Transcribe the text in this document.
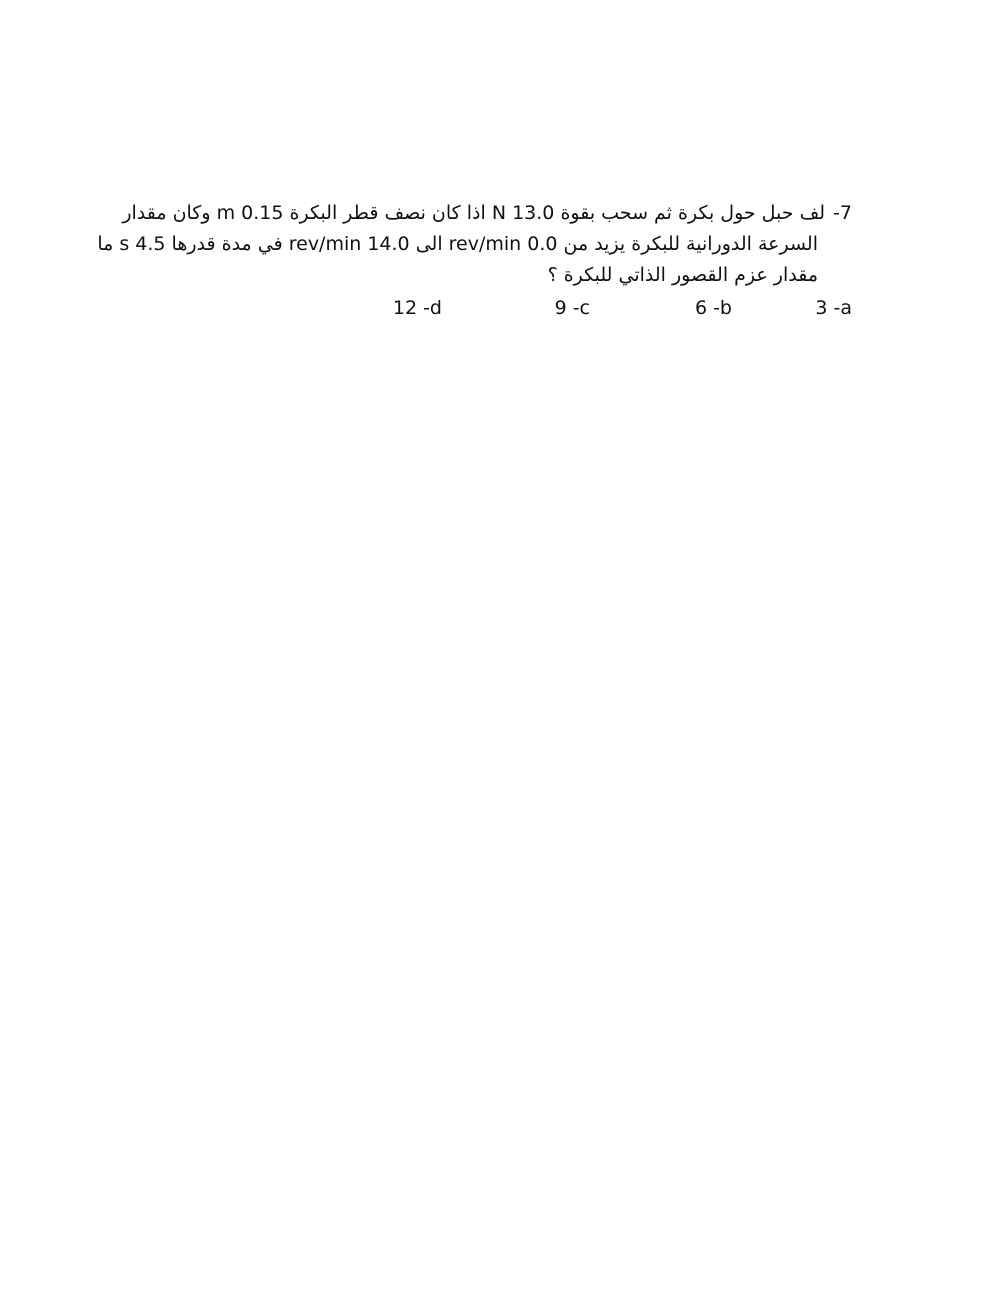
-7
لف حبل حول بكرة ثم سحب بقوة 13.0 N اذا كان نصف قطر البكرة 0.15 m وكان مقدار
السرعة الدورانية للبكرة يزيد من 0.0 rev/min الى 14.0 rev/min في مدة قدرها 4.5 s ما
مقدار عزم القصور الذاتي للبكرة ؟
3 -a
6 -b
9 -c
12 -d
